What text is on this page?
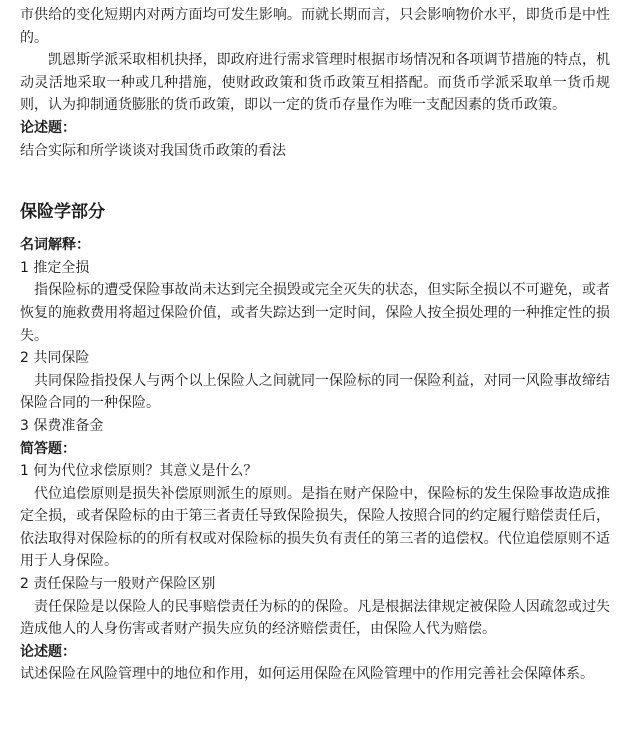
市供给的变化短期内对两方面均可发生影响。而就长期而言，只会影响物价水平，即货币是中性的。

凯恩斯学派采取相机抉择，即政府进行需求管理时根据市场情况和各项调节措施的特点，机动灵活地采取一种或几种措施，使财政政策和货币政策互相搭配。而货币学派采取单一货币规则，认为抑制通货膨胀的货币政策，即以一定的货币存量作为唯一支配因素的货币政策。

论述题：

结合实际和所学谈谈对我国货币政策的看法

保险学部分

名词解释：

1 推定全损

指保险标的遭受保险事故尚未达到完全损毁或完全灭失的状态，但实际全损以不可避免，或者恢复的施救费用将超过保险价值，或者失踪达到一定时间，保险人按全损处理的一种推定性的损失。

2 共同保险

共同保险指投保人与两个以上保险人之间就同一保险标的同一保险利益，对同一风险事故缔结保险合同的一种保险。

3 保费准备金

简答题：

1 何为代位求偿原则？其意义是什么？

代位追偿原则是损失补偿原则派生的原则。是指在财产保险中，保险标的发生保险事故造成推定全损，或者保险标的由于第三者责任导致保险损失，保险人按照合同的约定履行赔偿责任后，依法取得对保险标的的所有权或对保险标的损失负有责任的第三者的追偿权。代位追偿原则不适用于人身保险。

2 责任保险与一般财产保险区别

责任保险是以保险人的民事赔偿责任为标的的保险。凡是根据法律规定被保险人因疏忽或过失造成他人的人身伤害或者财产损失应负的经济赔偿责任，由保险人代为赔偿。

论述题：

试述保险在风险管理中的地位和作用，如何运用保险在风险管理中的作用完善社会保障体系。
